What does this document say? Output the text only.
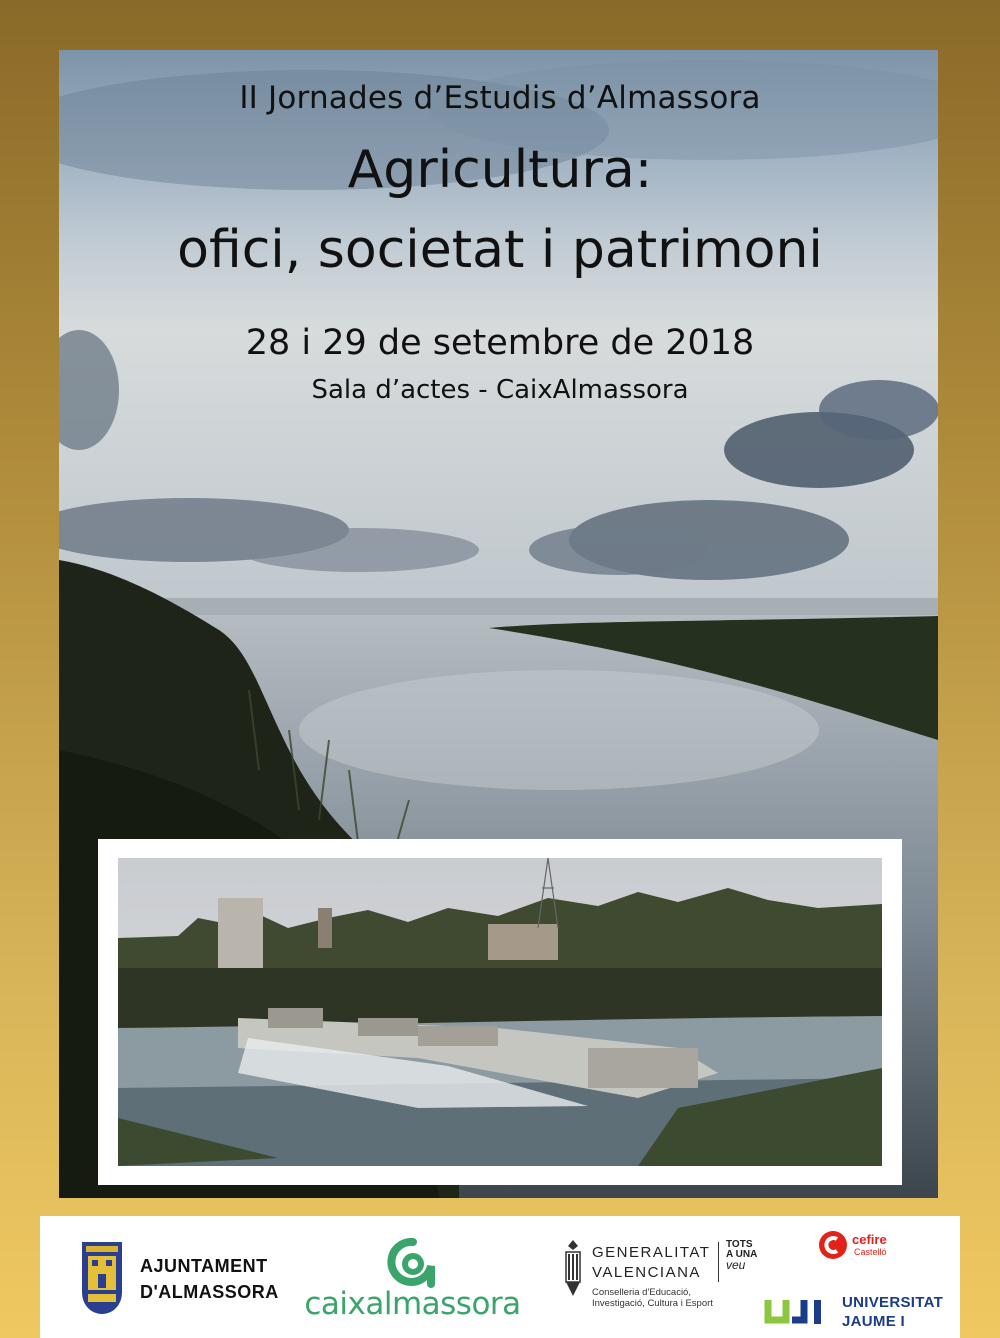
II Jornades d’Estudis d’Almassora
Agricultura:
ofici, societat i patrimoni
28 i 29 de setembre de 2018
Sala d’actes - CaixAlmassora
AJUNTAMENT
D'ALMASSORA caixalmassora
GENERALITAT
VALENCIANA
Conselleria d'Educació,
Investigació, Cultura i Esport
TOTS
A UNA
veu
cefire
Castelló
UNIVERSITAT
JAUME I
